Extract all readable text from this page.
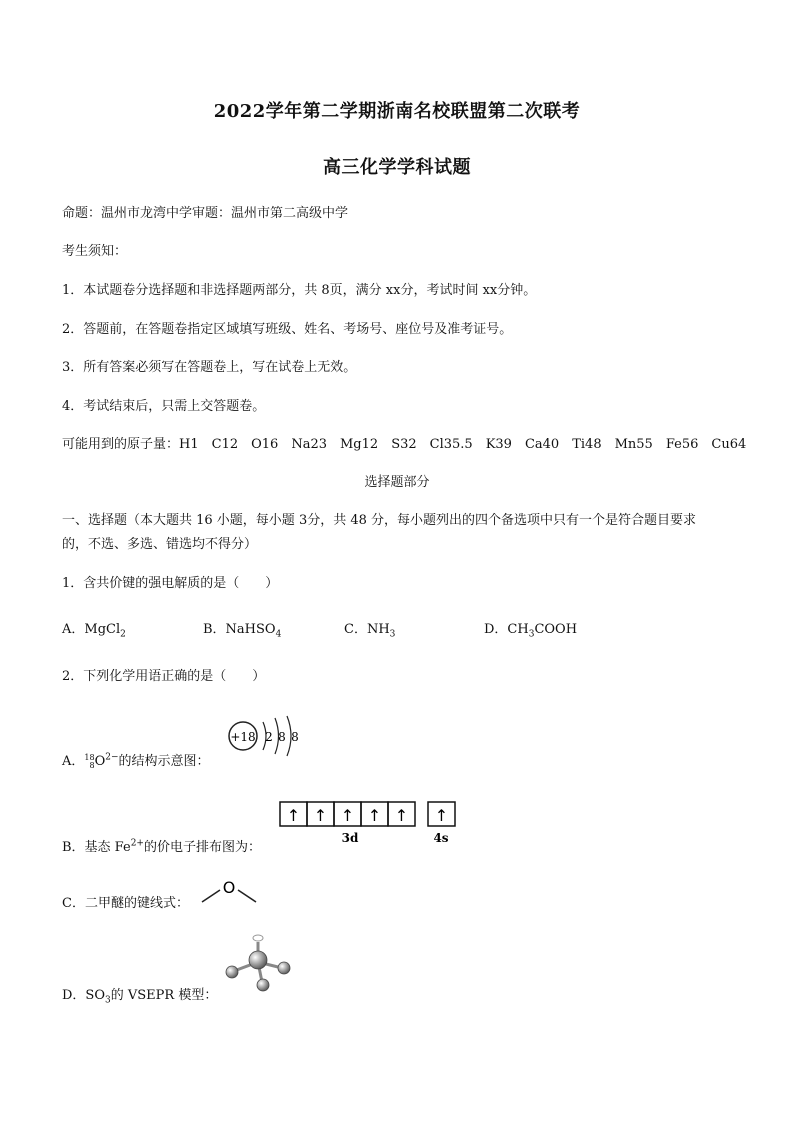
2022学年第二学期浙南名校联盟第二次联考
高三化学学科试题
命题：温州市龙湾中学审题：温州市第二高级中学
考生须知：
1．本试题卷分选择题和非选择题两部分，共 8页，满分 xx分，考试时间 xx分钟。
2．答题前，在答题卷指定区域填写班级、姓名、考场号、座位号及准考证号。
3．所有答案必须写在答题卷上，写在试卷上无效。
4．考试结束后，只需上交答题卷。
可能用到的原子量：H1 C12 O16 Na23 Mg12 S32 Cl35.5 K39 Ca40 Ti48 Mn55 Fe56 Cu64
选择题部分
一、选择题（本大题共 16 小题，每小题 3分，共 48 分，每小题列出的四个备选项中只有一个是符合题目要求
的，不选、多选、错选均不得分）
1．含共价键的强电解质的是（　　）
A．MgCl$_2$	B．NaHSO$_4$	C．$NH_3$	D．$CH_3COOH$
2．下列化学用语正确的是（　　）
A．18
$8O^{2-}$的结构示意图：
+18 2 8 8
B．基态 $Fe^{2+}$的价电子排布图为：
↑ ↑ ↑ ↑ ↑ ↑
3d	4s
C．二甲醚的键线式：
O
D．$SO_3$的 VSEPR 模型：
